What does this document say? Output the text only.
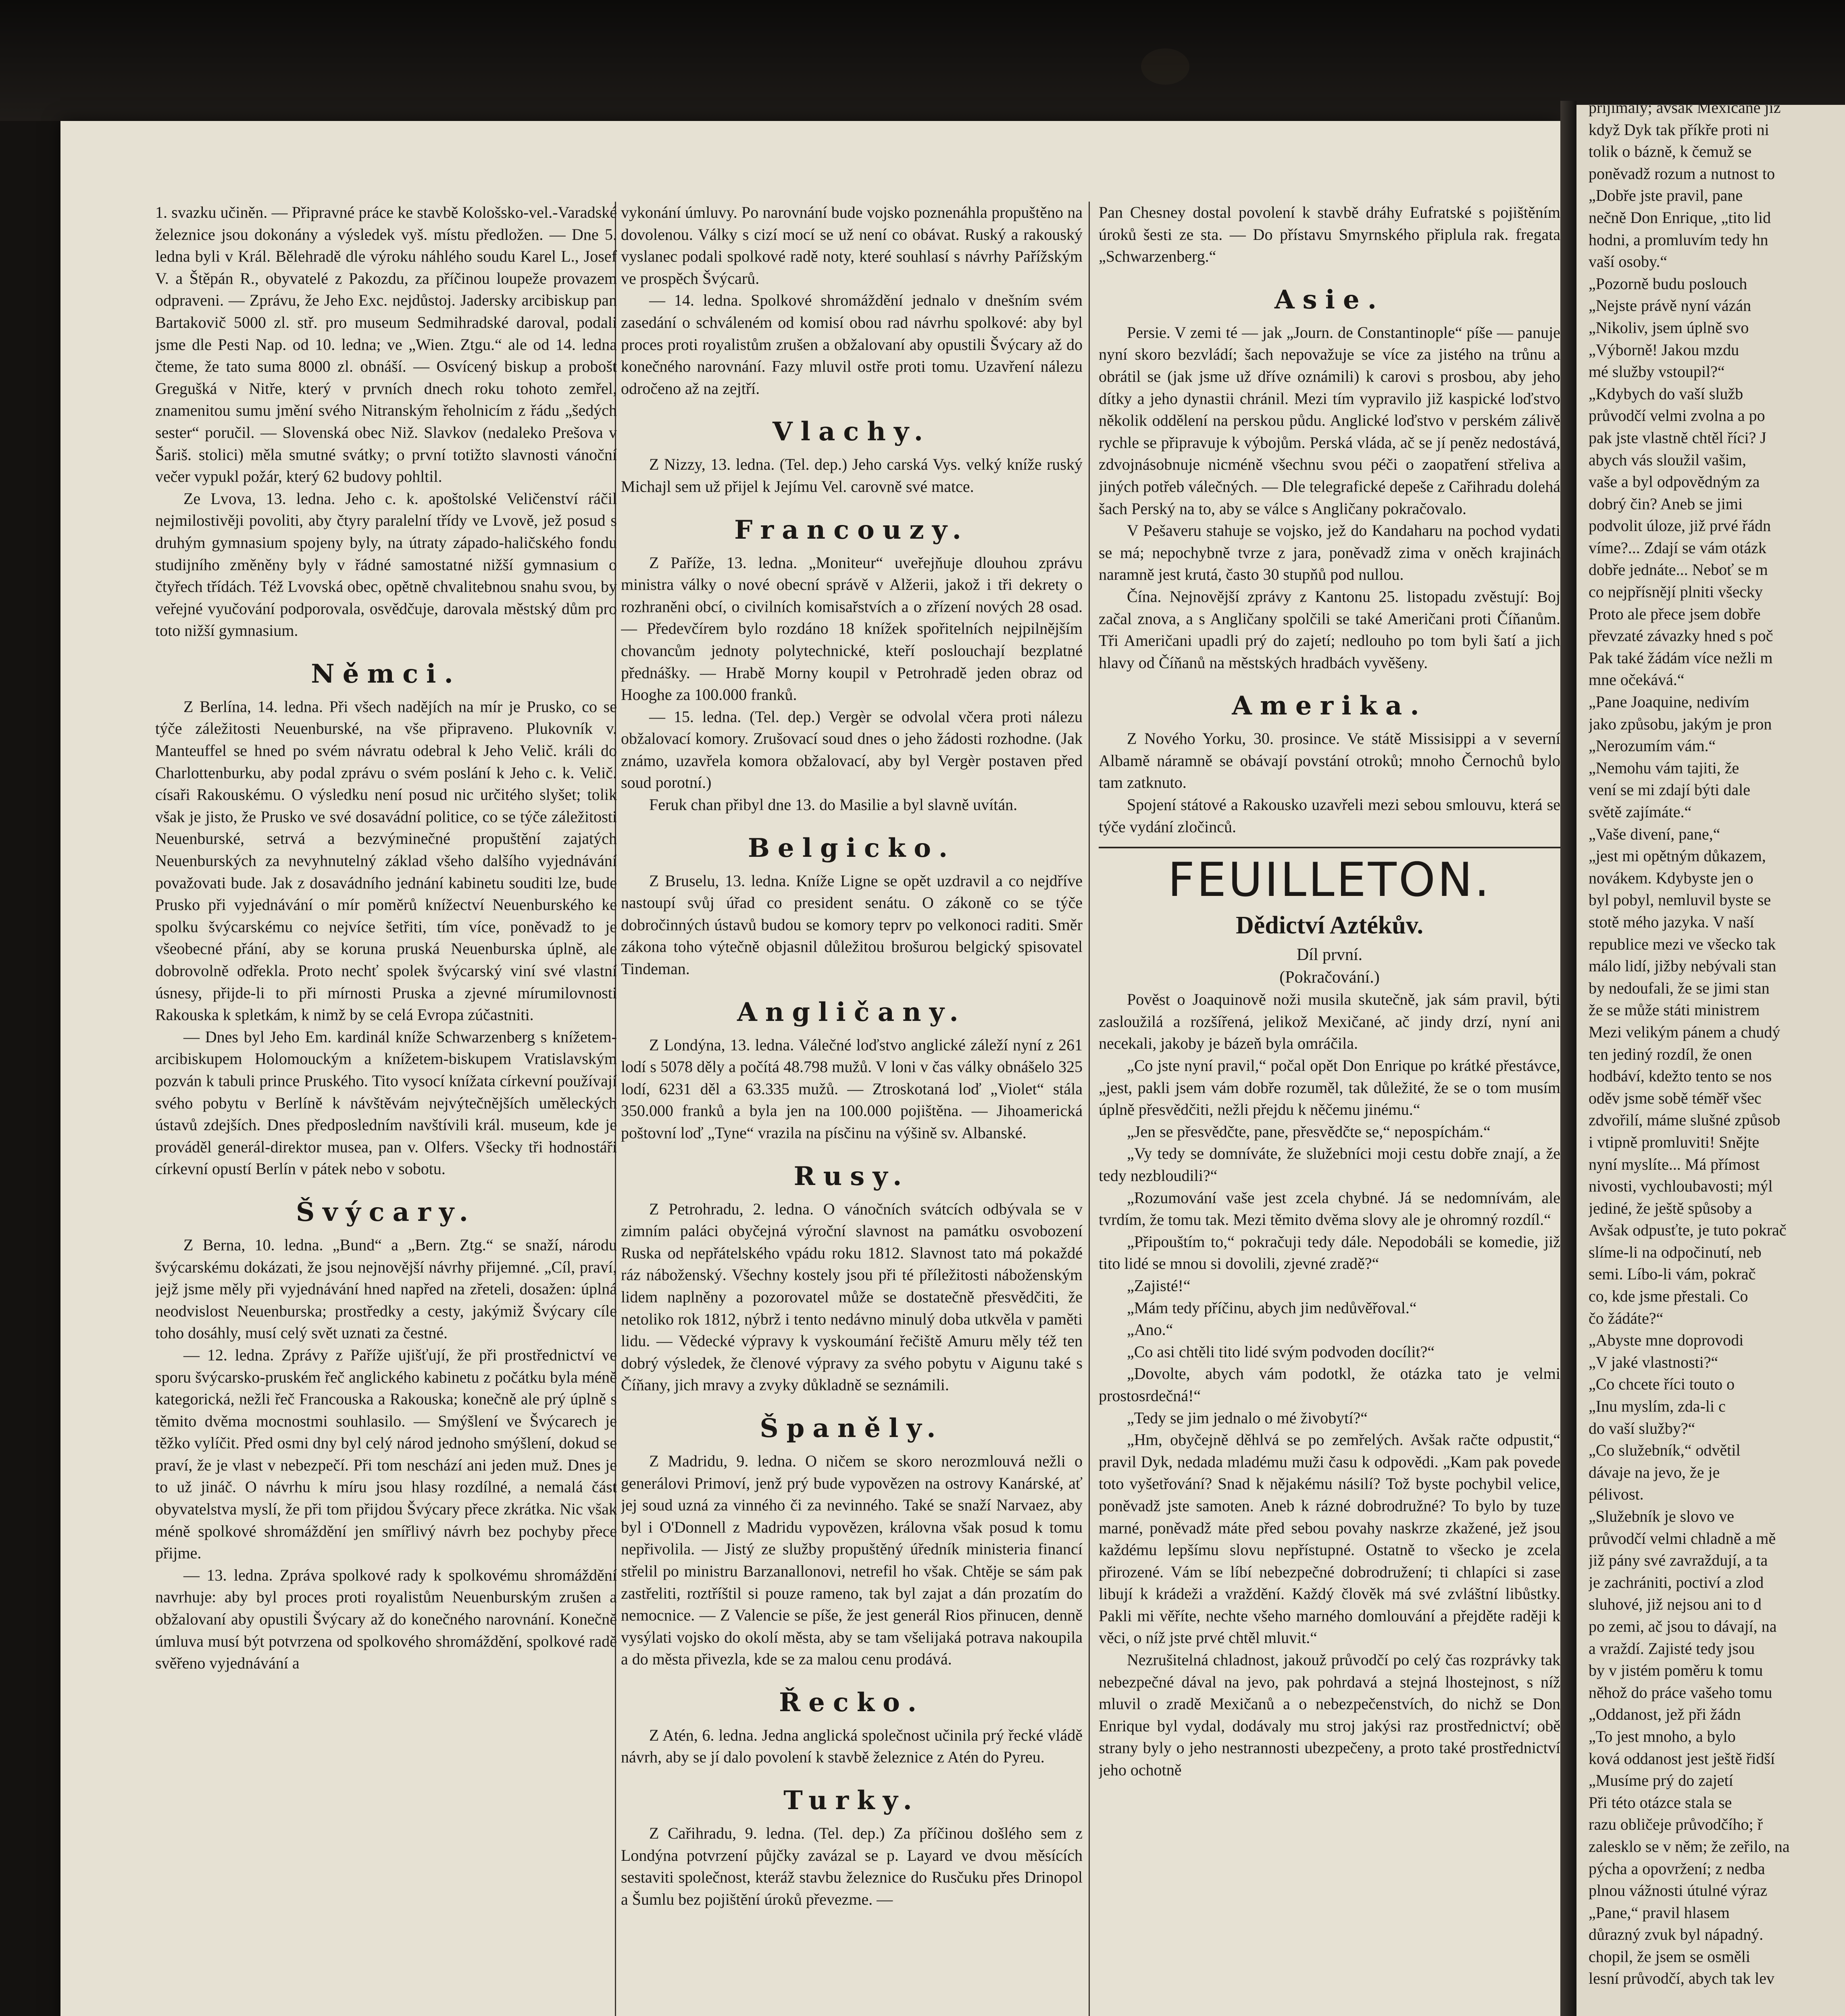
1. svazku učiněn. — Připravné práce ke stavbě Kološsko-vel.-Varadské železnice jsou dokonány a výsledek vyš. místu předložen. — Dne 5. ledna byli v Král. Bělehradě dle výroku náhlého soudu Karel L., Josef V. a Štěpán R., obyvatelé z Pakozdu, za příčinou loupeže provazem odpraveni. — Zprávu, že Jeho Exc. nejdůstoj. Jadersky arcibiskup pan Bartakovič 5000 zl. stř. pro museum Sedmihradské daroval, podali jsme dle Pesti Nap. od 10. ledna; ve „Wien. Ztgu.“ ale od 14. ledna čteme, že tato suma 8000 zl. obnáší. — Osvícený biskup a probošt Gregušká v Nitře, který v prvních dnech roku tohoto zemřel, znamenitou sumu jmění svého Nitranským řeholnicím z řádu „šedých sester“ poručil. — Slovenská obec Niž. Slavkov (nedaleko Prešova v Šariš. stolici) měla smutné svátky; o první totižto slavnosti vánoční večer vypukl požár, který 62 budovy pohltil.

Ze Lvova, 13. ledna. Jeho c. k. apoštolské Veličenství ráčil nejmilostivěji povoliti, aby čtyry paralelní třídy ve Lvově, jež posud s druhým gymnasium spojeny byly, na útraty západo-haličského fondu studijního změněny byly v řádné samostatné nižší gymnasium o čtyřech třídách. Též Lvovská obec, opětně chvalitebnou snahu svou, by veřejné vyučování podporovala, osvědčuje, darovala městský dům pro toto nižší gymnasium.

Němci.

Z Berlína, 14. ledna. Při všech nadějích na mír je Prusko, co se týče záležitosti Neuenburské, na vše připraveno. Plukovník v. Manteuffel se hned po svém návratu odebral k Jeho Velič. králi do Charlottenburku, aby podal zprávu o svém poslání k Jeho c. k. Velič. císaři Rakouskému. O výsledku není posud nic určitého slyšet; tolik však je jisto, že Prusko ve své dosavádní politice, co se týče záležitosti Neuenburské, setrvá a bezvýminečné propuštění zajatých Neuenburských za nevyhnutelný základ všeho dalšího vyjednávání považovati bude. Jak z dosavádního jednání kabinetu souditi lze, bude Prusko při vyjednávání o mír poměrů knížectví Neuenburského ke spolku švýcarskému co nejvíce šetřiti, tím více, poněvadž to je všeobecné přání, aby se koruna pruská Neuenburska úplně, ale dobrovolně odřekla. Proto nechť spolek švýcarský viní své vlastní úsnesy, přijde-li to při mírnosti Pruska a zjevné mírumilovnosti Rakouska k spletkám, k nimž by se celá Evropa zúčastniti.

— Dnes byl Jeho Em. kardinál kníže Schwarzenberg s knížetem-arcibiskupem Holomouckým a knížetem-biskupem Vratislavským pozván k tabuli prince Pruského. Tito vysocí knížata církevní používají svého pobytu v Berlíně k návštěvám nejvýtečnějších uměleckých ústavů zdejších. Dnes předposledním navštívili král. museum, kde je prováděl generál-direktor musea, pan v. Olfers. Všecky tři hodnostáři církevní opustí Berlín v pátek nebo v sobotu.

Švýcary.

Z Berna, 10. ledna. „Bund“ a „Bern. Ztg.“ se snaží, národu švýcarskému dokázati, že jsou nejnovější návrhy přijemné. „Cíl, praví, jejž jsme měly při vyjednávání hned napřed na zřeteli, dosažen: úplná neodvislost Neuenburska; prostředky a cesty, jakýmiž Švýcary cíle toho dosáhly, musí celý svět uznati za čestné.

— 12. ledna. Zprávy z Paříže ujišťují, že při prostřednictví ve sporu švýcarsko-pruském řeč anglického kabinetu z počátku byla méně kategorická, nežli řeč Francouska a Rakouska; konečně ale prý úplně s těmito dvěma mocnostmi souhlasilo. — Smýšlení ve Švýcarech je těžko vylíčit. Před osmi dny byl celý národ jednoho smýšlení, dokud se praví, že je vlast v nebezpečí. Při tom neschází ani jeden muž. Dnes je to už jináč. O návrhu k míru jsou hlasy rozdílné, a nemalá část obyvatelstva myslí, že při tom přijdou Švýcary přece zkrátka. Nic však méně spolkové shromáždění jen smířlivý návrh bez pochyby přece přijme.

— 13. ledna. Zpráva spolkové rady k spolkovému shromáždění navrhuje: aby byl proces proti royalistům Neuenburským zrušen a obžalovaní aby opustili Švýcary až do konečného narovnání. Konečně úmluva musí být potvrzena od spolkového shromáždění, spolkové radě svěřeno vyjednávání a

vykonání úmluvy. Po narovnání bude vojsko poznenáhla propuštěno na dovolenou. Války s cizí mocí se už není co obávat. Ruský a rakouský vyslanec podali spolkové radě noty, které souhlasí s návrhy Pařížským ve prospěch Švýcarů.

— 14. ledna. Spolkové shromáždění jednalo v dnešním svém zasedání o schváleném od komisí obou rad návrhu spolkové: aby byl proces proti royalistům zrušen a obžalovaní aby opustili Švýcary až do konečného narovnání. Fazy mluvil ostře proti tomu. Uzavření nálezu odročeno až na zejtří.

Vlachy.

Z Nizzy, 13. ledna. (Tel. dep.) Jeho carská Vys. velký kníže ruský Michajl sem už přijel k Jejímu Vel. carovně své matce.

Francouzy.

Z Paříže, 13. ledna. „Moniteur“ uveřejňuje dlouhou zprávu ministra války o nové obecní správě v Alžerii, jakož i tři dekrety o rozhraněni obcí, o civilních komisařstvích a o zřízení nových 28 osad. — Předevčírem bylo rozdáno 18 knížek spořitelních nejpilnějším chovancům jednoty polytechnické, kteří poslouchají bezplatné přednášky. — Hrabě Morny koupil v Petrohradě jeden obraz od Hooghe za 100.000 franků.

— 15. ledna. (Tel. dep.) Vergèr se odvolal včera proti nálezu obžalovací komory. Zrušovací soud dnes o jeho žádosti rozhodne. (Jak známo, uzavřela komora obžalovací, aby byl Vergèr postaven před soud porotní.)

Feruk chan přibyl dne 13. do Masilie a byl slavně uvítán.

Belgicko.

Z Bruselu, 13. ledna. Kníže Ligne se opět uzdravil a co nejdříve nastoupí svůj úřad co president senátu. O zákoně co se týče dobročinných ústavů budou se komory teprv po velkonoci raditi. Směr zákona toho výtečně objasnil důležitou brošurou belgický spisovatel Tindeman.

Angličany.

Z Londýna, 13. ledna. Válečné loďstvo anglické záleží nyní z 261 lodí s 5078 děly a počítá 48.798 mužů. V loni v čas války obnášelo 325 lodí, 6231 děl a 63.335 mužů. — Ztroskotaná loď „Violet“ stála 350.000 franků a byla jen na 100.000 pojištěna. — Jihoamerická poštovní loď „Tyne“ vrazila na písčinu na výšině sv. Albanské.

Rusy.

Z Petrohradu, 2. ledna. O vánočních svátcích odbývala se v zimním paláci obyčejná výroční slavnost na památku osvobození Ruska od nepřátelského vpádu roku 1812. Slavnost tato má pokaždé ráz náboženský. Všechny kostely jsou při té příležitosti náboženským lidem naplněny a pozorovatel může se dostatečně přesvědčiti, že netoliko rok 1812, nýbrž i tento nedávno minulý doba utkvěla v paměti lidu. — Vědecké výpravy k vyskoumání řečiště Amuru měly též ten dobrý výsledek, že členové výpravy za svého pobytu v Aigunu také s Číňany, jich mravy a zvyky důkladně se seznámili.

Španěly.

Z Madridu, 9. ledna. O ničem se skoro nerozmlouvá nežli o generálovi Primoví, jenž prý bude vypovězen na ostrovy Kanárské, ať jej soud uzná za vinného či za nevinného. Také se snaží Narvaez, aby byl i O'Donnell z Madridu vypovězen, královna však posud k tomu nepřivolila. — Jistý ze služby propuštěný úředník ministeria financí střelil po ministru Barzanallonovi, netrefil ho však. Chtěje se sám pak zastřeliti, roztříštil si pouze rameno, tak byl zajat a dán prozatím do nemocnice. — Z Valencie se píše, že jest generál Rios přinucen, denně vysýlati vojsko do okolí města, aby se tam všelijaká potrava nakoupila a do města přivezla, kde se za malou cenu prodává.

Řecko.

Z Atén, 6. ledna. Jedna anglická společnost učinila prý řecké vládě návrh, aby se jí dalo povolení k stavbě železnice z Atén do Pyreu.

Turky.

Z Cařihradu, 9. ledna. (Tel. dep.) Za příčinou došlého sem z Londýna potvrzení půjčky zavázal se p. Layard ve dvou měsících sestaviti společnost, kteráž stavbu železnice do Rusčuku přes Drinopol a Šumlu bez pojištění úroků převezme. —

Pan Chesney dostal povolení k stavbě dráhy Eufratské s pojištěním úroků šesti ze sta. — Do přístavu Smyrnského připlula rak. fregata „Schwarzenberg.“

Asie.

Persie. V zemi té — jak „Journ. de Constantinople“ píše — panuje nyní skoro bezvládí; šach nepovažuje se více za jistého na trůnu a obrátil se (jak jsme už dříve oznámili) k carovi s prosbou, aby jeho dítky a jeho dynastii chránil. Mezi tím vypravilo již kaspické loďstvo několik oddělení na perskou půdu. Anglické loďstvo v perském zálivě rychle se připravuje k výbojům. Perská vláda, ač se jí peněz nedostává, zdvojnásobnuje nicméně všechnu svou péči o zaopatření střeliva a jiných potřeb válečných. — Dle telegrafické depeše z Cařihradu dolehá šach Perský na to, aby se válce s Angličany pokračovalo.

V Pešaveru stahuje se vojsko, jež do Kandaharu na pochod vydati se má; nepochybně tvrze z jara, poněvadž zima v oněch krajinách naramně jest krutá, často 30 stupňů pod nullou.

Čína. Nejnovější zprávy z Kantonu 25. listopadu zvěstují: Boj začal znova, a s Angličany spolčili se také Američani proti Číňanům. Tři Američani upadli prý do zajetí; nedlouho po tom byli šatí a jich hlavy od Číňanů na městských hradbách vyvěšeny.

Amerika.

Z Nového Yorku, 30. prosince. Ve státě Missisippi a v severní Albamě náramně se obávají povstání otroků; mnoho Černochů bylo tam zatknuto.

Spojení státové a Rakousko uzavřeli mezi sebou smlouvu, která se týče vydání zločinců.

FEUILLETON.
Dědictví Aztékův.
Díl první.
(Pokračování.)

Pověst o Joaquinově noži musila skutečně, jak sám pravil, býti zasloužilá a rozšířená, jelikož Mexičané, ač jindy drzí, nyní ani necekali, jakoby je bázeň byla omráčila.

„Co jste nyní pravil,“ počal opět Don Enrique po krátké přestávce, „jest, pakli jsem vám dobře rozuměl, tak důležité, že se o tom musím úplně přesvědčiti, nežli přejdu k něčemu jinému.“

„Jen se přesvědčte, pane, přesvědčte se,“ nepospíchám.“

„Vy tedy se domníváte, že služebníci moji cestu dobře znají, a že tedy nezbloudili?“

„Rozumování vaše jest zcela chybné. Já se nedomnívám, ale tvrdím, že tomu tak. Mezi těmito dvěma slovy ale je ohromný rozdíl.“

„Připouštím to,“ pokračuji tedy dále. Nepodobáli se komedie, již tito lidé se mnou si dovolili, zjevné zradě?“

„Zajisté!“

„Mám tedy příčinu, abych jim nedůvěřoval.“

„Ano.“

„Co asi chtěli tito lidé svým podvoden docílit?“

„Dovolte, abych vám podotkl, že otázka tato je velmi prostosrdečná!“

„Tedy se jim jednalo o mé živobytí?“

„Hm, obyčejně děhlvá se po zemřelých. Avšak račte odpustit,“ pravil Dyk, nedada mladému muži času k odpovědi. „Kam pak povede toto vyšetřování? Snad k nějakému násilí? Tož byste pochybil velice, poněvadž jste samoten. Aneb k rázné dobrodružné? To bylo by tuze marné, poněvadž máte před sebou povahy naskrze zkažené, jež jsou každému lepšímu slovu nepřístupné. Ostatně to všecko je zcela přirozené. Vám se líbí nebezpečné dobrodružení; ti chlapíci si zase libují k krádeži a vraždění. Každý člověk má své zvláštní libůstky. Pakli mi věříte, nechte všeho marného domlouvání a přejděte raději k věci, o níž jste prvé chtěl mluvit.“

Nezrušitelná chladnost, jakouž průvodčí po celý čas rozprávky tak nebezpečné dával na jevo, pak pohrdavá a stejná lhostejnost, s níž mluvil o zradě Mexičanů a o nebezpečenstvích, do nichž se Don Enrique byl vydal, dodávaly mu stroj jakýsi raz prostřednictví; obě strany byly o jeho nestrannosti ubezpečeny, a proto také prostřednictví jeho ochotně

přijímaly; avšak Mexičané již

když Dyk tak příkře proti ni

tolik o bázně, k čemuž se

poněvadž rozum a nutnost to

„Dobře jste pravil, pane

nečně Don Enrique, „tito lid

hodni, a promluvím tedy hn

vaší osoby.“

„Pozorně budu poslouch

„Nejste právě nyní vázán

„Nikoliv, jsem úplně svo

„Výborně! Jakou mzdu

mé služby vstoupil?“

„Kdybych do vaší služb

průvodčí velmi zvolna a po

pak jste vlastně chtěl říci? J

abych vás sloužil vašim,

vaše a byl odpovědným za

dobrý čin? Aneb se jimi

podvolit úloze, již prvé řádn

víme?... Zdají se vám otázk

dobře jednáte... Neboť se m

co nejpřísnějí plniti všecky

Proto ale přece jsem dobře

převzaté závazky hned s poč

Pak také žádám více nežli m

mne očekává.“

„Pane Joaquine, nedivím

jako způsobu, jakým je pron

„Nerozumím vám.“

„Nemohu vám tajiti, že

vení se mi zdají býti dale

světě zajímáte.“

„Vaše divení, pane,“

„jest mi opětným důkazem,

novákem. Kdybyste jen o

byl pobyl, nemluvil byste se

stotě mého jazyka. V naší

republice mezi ve všecko tak

málo lidí, jižby nebývali stan

by nedoufali, že se jimi stan

že se může státi ministrem

Mezi velikým pánem a chudý

ten jediný rozdíl, že onen

hodbáví, kdežto tento se nos

oděv jsme sobě téměř všec

zdvořilí, máme slušné způsob

i vtipně promluviti! Snějte

nyní myslíte... Má přímost

nivosti, vychloubavosti; mýl

jediné, že ještě spůsoby a

Avšak odpusťte, je tuto pokrač

slíme-li na odpočinutí, neb

semi. Líbo-li vám, pokrač

co, kde jsme přestali. Co

čo žádáte?“

„Abyste mne doprovodi

„V jaké vlastnosti?“

„Co chcete říci touto o

„Inu myslím, zda-li c

do vaší služby?“

„Co služebník,“ odvětil

dávaje na jevo, že je

pélivost.

„Služebník je slovo ve

průvodčí velmi chladně a mě

již pány své zavraždují, a ta

je zachrániti, poctiví a zlod

sluhové, již nejsou ani to d

po zemi, ač jsou to dávají, na

a vraždí. Zajisté tedy jsou

by v jistém poměru k tomu

něhož do práce vašeho tomu

„Oddanost, jež při žádn

„To jest mnoho, a bylo

ková oddanost jest ještě řidší

„Musíme prý do zajetí

Při této otázce stala se

razu obličeje průvodčího; ř

zalesklo se v něm; že zeřilo, na

pýcha a opovržení; z nedba

plnou vážnosti útulné výraz

„Pane,“ pravil hlasem

důrazný zvuk byl nápadný.

chopil, že jsem se osměli

lesní průvodčí, abych tak lev
